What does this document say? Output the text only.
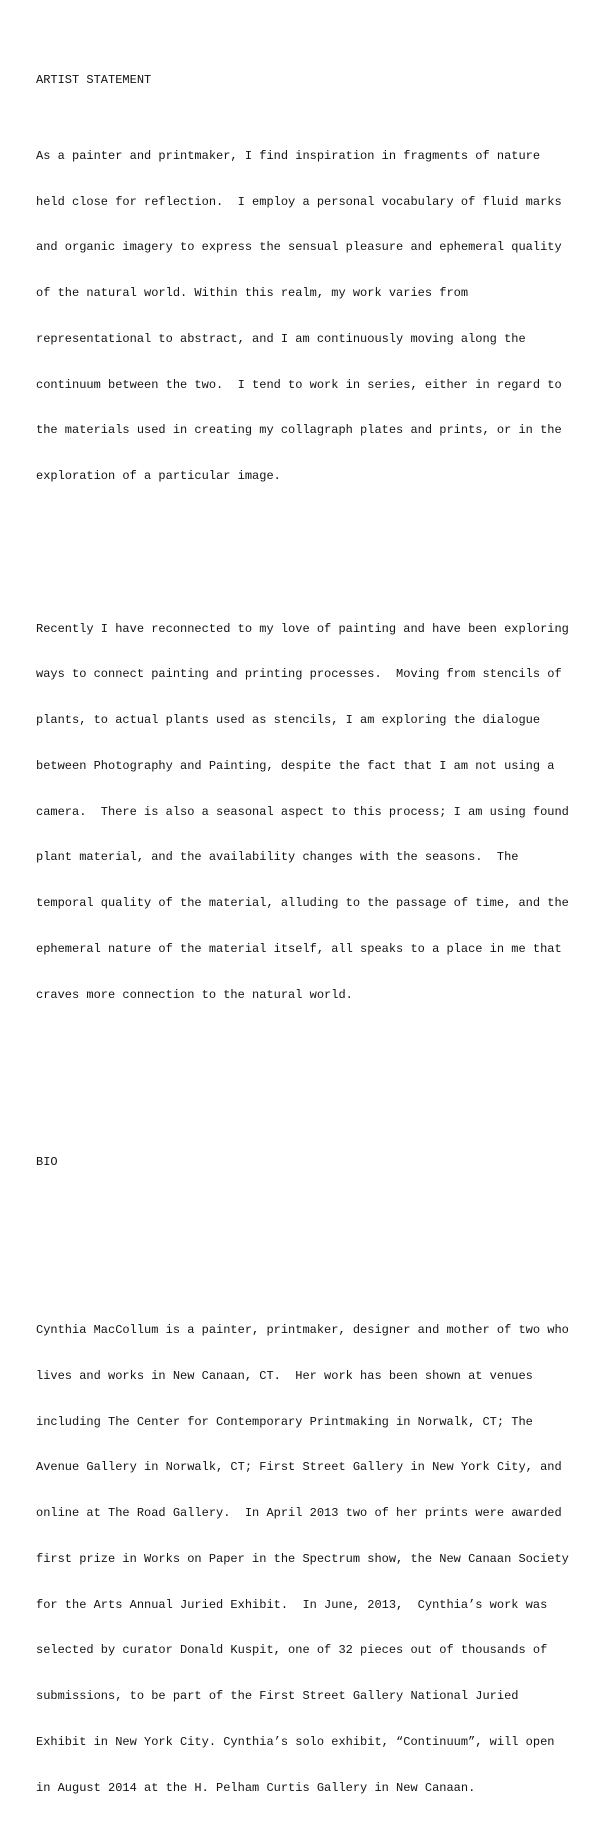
ARTIST STATEMENT

As a painter and printmaker, I find inspiration in fragments of nature

held close for reflection.  I employ a personal vocabulary of fluid marks

and organic imagery to express the sensual pleasure and ephemeral quality

of the natural world. Within this realm, my work varies from

representational to abstract, and I am continuously moving along the

continuum between the two.  I tend to work in series, either in regard to

the materials used in creating my collagraph plates and prints, or in the

exploration of a particular image.

Recently I have reconnected to my love of painting and have been exploring

ways to connect painting and printing processes.  Moving from stencils of

plants, to actual plants used as stencils, I am exploring the dialogue

between Photography and Painting, despite the fact that I am not using a

camera.  There is also a seasonal aspect to this process; I am using found

plant material, and the availability changes with the seasons.  The

temporal quality of the material, alluding to the passage of time, and the

ephemeral nature of the material itself, all speaks to a place in me that

craves more connection to the natural world.

BIO

Cynthia MacCollum is a painter, printmaker, designer and mother of two who

lives and works in New Canaan, CT.  Her work has been shown at venues

including The Center for Contemporary Printmaking in Norwalk, CT; The

Avenue Gallery in Norwalk, CT; First Street Gallery in New York City, and

online at The Road Gallery.  In April 2013 two of her prints were awarded

first prize in Works on Paper in the Spectrum show, the New Canaan Society

for the Arts Annual Juried Exhibit.  In June, 2013,  Cynthia’s work was

selected by curator Donald Kuspit, one of 32 pieces out of thousands of

submissions, to be part of the First Street Gallery National Juried

Exhibit in New York City. Cynthia’s solo exhibit, “Continuum”, will open

in August 2014 at the H. Pelham Curtis Gallery in New Canaan.
